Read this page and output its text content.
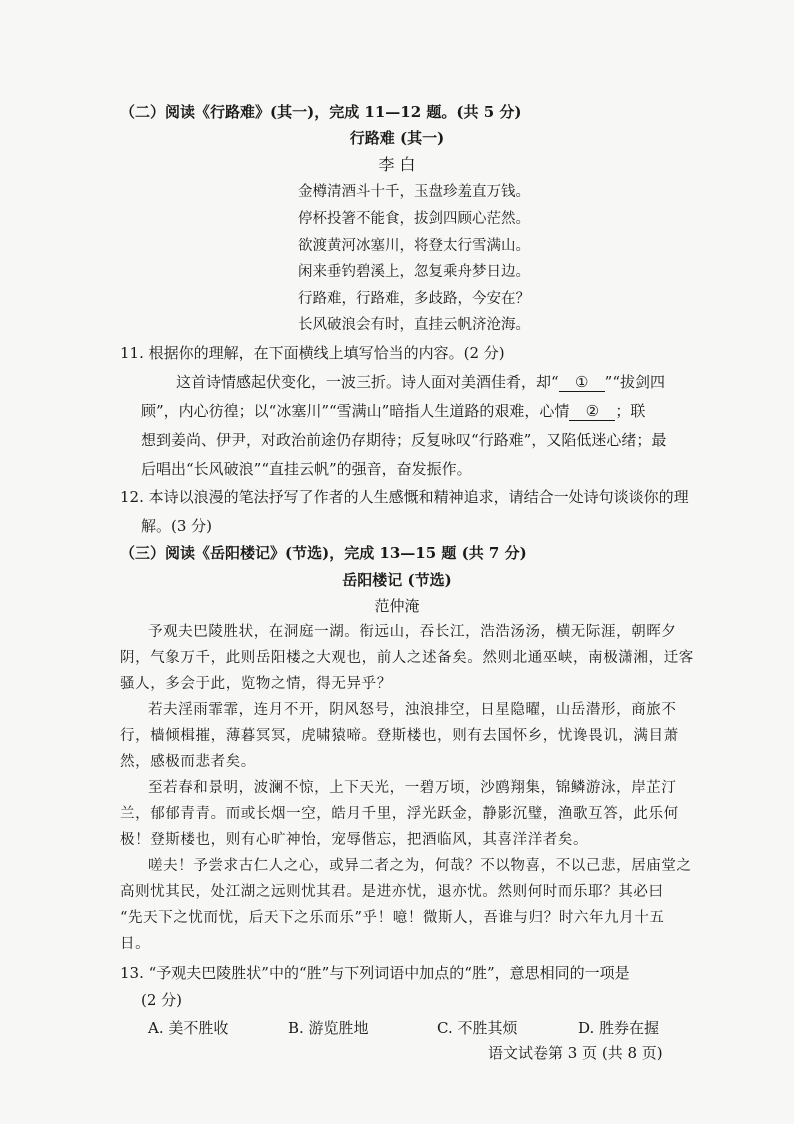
（二）阅读《行路难》(其一)，完成 11—12 题。(共 5 分)
行路难 (其一)
李 白
金樽清酒斗十千，玉盘珍羞直万钱。
停杯投箸不能食，拔剑四顾心茫然。
欲渡黄河冰塞川，将登太行雪满山。
闲来垂钓碧溪上，忽复乘舟梦日边。
行路难，行路难，多歧路，今安在？
长风破浪会有时，直挂云帆济沧海。
11. 根据你的理解，在下面横线上填写恰当的内容。(2 分)
这首诗情感起伏变化，一波三折。诗人面对美酒佳肴，却“ ① ”“拔剑四
顾”，内心彷徨；以“冰塞川”“雪满山”暗指人生道路的艰难，心情 ② ；联
想到姜尚、伊尹，对政治前途仍存期待；反复咏叹“行路难”，又陷低迷心绪；最
后唱出“长风破浪”“直挂云帆”的强音，奋发振作。
12. 本诗以浪漫的笔法抒写了作者的人生感慨和精神追求，请结合一处诗句谈谈你的理
解。(3 分)
（三）阅读《岳阳楼记》(节选)，完成 13—15 题 (共 7 分)
岳阳楼记 (节选)
范仲淹
予观夫巴陵胜状，在洞庭一湖。衔远山，吞长江，浩浩汤汤，横无际涯，朝晖夕
阴，气象万千，此则岳阳楼之大观也，前人之述备矣。然则北通巫峡，南极潇湘，迁客
骚人，多会于此，览物之情，得无异乎？
若夫淫雨霏霏，连月不开，阴风怒号，浊浪排空，日星隐曜，山岳潜形，商旅不
行，樯倾楫摧，薄暮冥冥，虎啸猿啼。登斯楼也，则有去国怀乡，忧谗畏讥，满目萧
然，感极而悲者矣。
至若春和景明，波澜不惊，上下天光，一碧万顷，沙鸥翔集，锦鳞游泳，岸芷汀
兰，郁郁青青。而或长烟一空，皓月千里，浮光跃金，静影沉璧，渔歌互答，此乐何
极！登斯楼也，则有心旷神怡，宠辱偕忘，把酒临风，其喜洋洋者矣。
嗟夫！予尝求古仁人之心，或异二者之为，何哉？不以物喜，不以己悲，居庙堂之
高则忧其民，处江湖之远则忧其君。是进亦忧，退亦忧。然则何时而乐耶？其必曰
“先天下之忧而忧，后天下之乐而乐”乎！噫！微斯人，吾谁与归？时六年九月十五
日。
13. “予观夫巴陵胜状”中的“胜”与下列词语中加点的“胜”，意思相同的一项是
(2 分)
A. 美不胜收	B. 游览胜地	C. 不胜其烦	D. 胜券在握
语文试卷第 3 页 (共 8 页)
